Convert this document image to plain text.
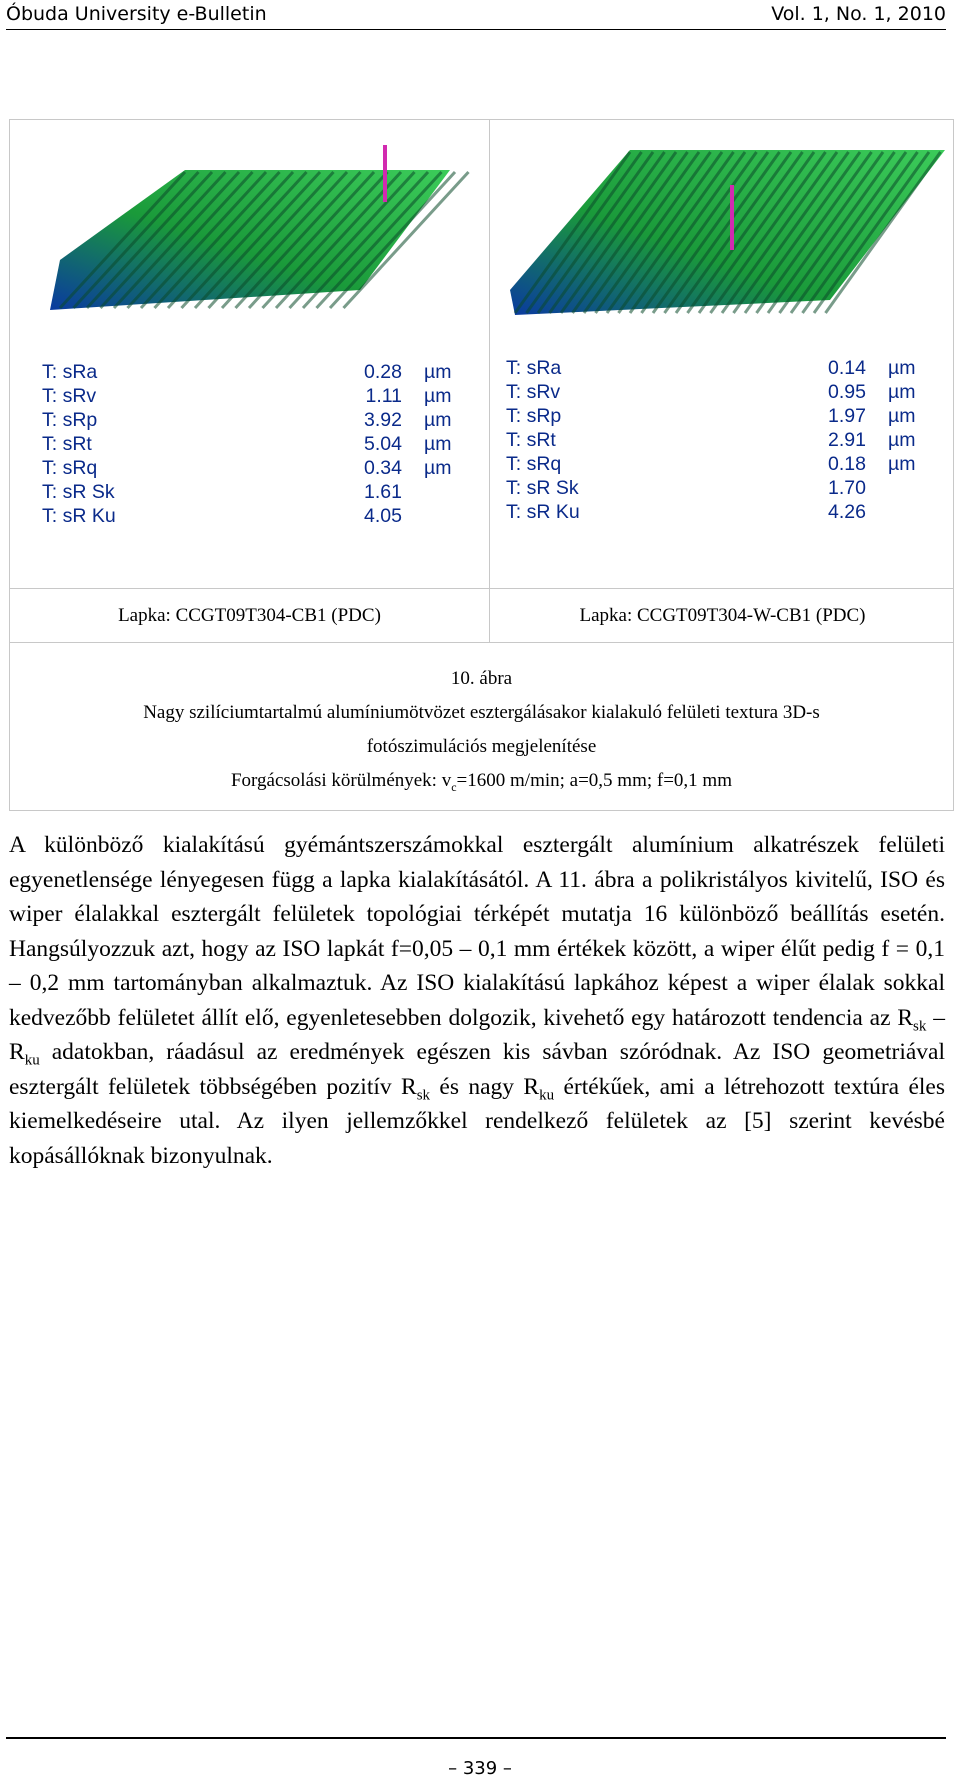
Óbuda University e-Bulletin	Vol. 1, No. 1, 2010
T: sRa	0.28	µm
T: sRv	1.11	µm
T: sRp	3.92	µm
T: sRt	5.04	µm
T: sRq	0.34	µm
T: sR Sk	1.61
T: sR Ku	4.05
T: sRa	0.14	µm
T: sRv	0.95	µm
T: sRp	1.97	µm
T: sRt	2.91	µm
T: sRq	0.18	µm
T: sR Sk	1.70
T: sR Ku	4.26
Lapka: CCGT09T304-CB1 (PDC)	Lapka: CCGT09T304-W-CB1 (PDC)
10. ábra
Nagy szilíciumtartalmú alumíniumötvözet esztergálásakor kialakuló felületi textura 3D-s
fotószimulációs megjelenítése
Forgácsolási körülmények: $v_c=1600$ m/min; a=0,5 mm; f=0,1 mm
A különböző kialakítású gyémántszerszámokkal esztergált alumínium alkatrészek felületi egyenetlensége lényegesen függ a lapka kialakításától. A 11. ábra a polikristályos kivitelű, ISO és wiper élalakkal esztergált felületek topológiai térképét mutatja 16 különböző beállítás esetén. Hangsúlyozzuk azt, hogy az ISO lapkát f=0,05 – 0,1 mm értékek között, a wiper élűt pedig f = 0,1 – 0,2 mm tartományban alkalmaztuk. Az ISO kialakítású lapkához képest a wiper élalak sokkal kedvezőbb felületet állít elő, egyenletesebben dolgozik, kivehető egy határozott tendencia az $R_{sk} - R_{ku}$ adatokban, ráadásul az eredmények egészen kis sávban szóródnak. Az ISO geometriával esztergált felületek többségében pozitív $R_{sk}$ és nagy $R_{ku}$ értékűek, ami a létrehozott textúra éles kiemelkedéseire utal. Az ilyen jellemzőkkel rendelkező felületek az [5] szerint kevésbé kopásállóknak bizonyulnak.
– 339 –
